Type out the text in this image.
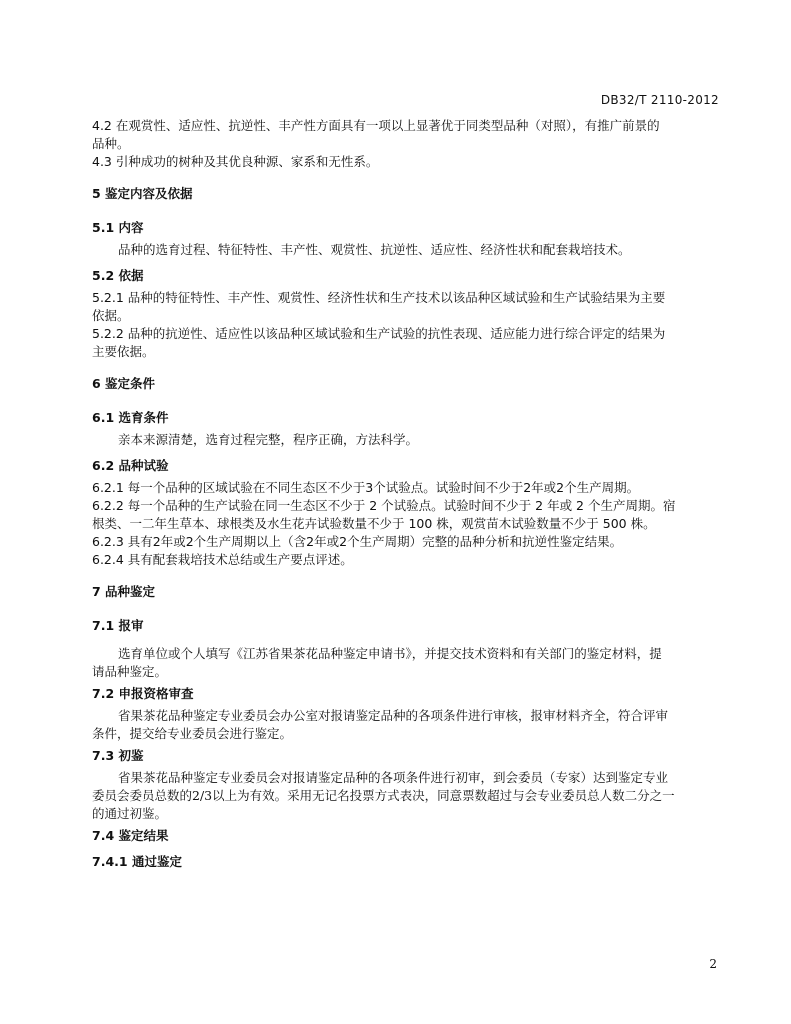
DB32/T 2110-2012
4.2 在观赏性、适应性、抗逆性、丰产性方面具有一项以上显著优于同类型品种（对照），有推广前景的
品种。
4.3 引种成功的树种及其优良种源、家系和无性系。
5 鉴定内容及依据
5.1 内容
品种的选育过程、特征特性、丰产性、观赏性、抗逆性、适应性、经济性状和配套栽培技术。
5.2 依据
5.2.1 品种的特征特性、丰产性、观赏性、经济性状和生产技术以该品种区域试验和生产试验结果为主要
依据。
5.2.2 品种的抗逆性、适应性以该品种区域试验和生产试验的抗性表现、适应能力进行综合评定的结果为
主要依据。
6 鉴定条件
6.1 选育条件
亲本来源清楚，选育过程完整，程序正确，方法科学。
6.2 品种试验
6.2.1 每一个品种的区域试验在不同生态区不少于3个试验点。试验时间不少于2年或2个生产周期。
6.2.2 每一个品种的生产试验在同一生态区不少于 2 个试验点。试验时间不少于 2 年或 2 个生产周期。宿
根类、一二年生草本、球根类及水生花卉试验数量不少于 100 株，观赏苗木试验数量不少于 500 株。
6.2.3 具有2年或2个生产周期以上（含2年或2个生产周期）完整的品种分析和抗逆性鉴定结果。
6.2.4 具有配套栽培技术总结或生产要点评述。
7 品种鉴定
7.1 报审
选育单位或个人填写《江苏省果茶花品种鉴定申请书》，并提交技术资料和有关部门的鉴定材料，提
请品种鉴定。
7.2 申报资格审查
省果茶花品种鉴定专业委员会办公室对报请鉴定品种的各项条件进行审核，报审材料齐全，符合评审
条件，提交给专业委员会进行鉴定。
7.3 初鉴
省果茶花品种鉴定专业委员会对报请鉴定品种的各项条件进行初审，到会委员（专家）达到鉴定专业
委员会委员总数的2/3以上为有效。采用无记名投票方式表决，同意票数超过与会专业委员总人数二分之一
的通过初鉴。
7.4 鉴定结果
7.4.1 通过鉴定
2
